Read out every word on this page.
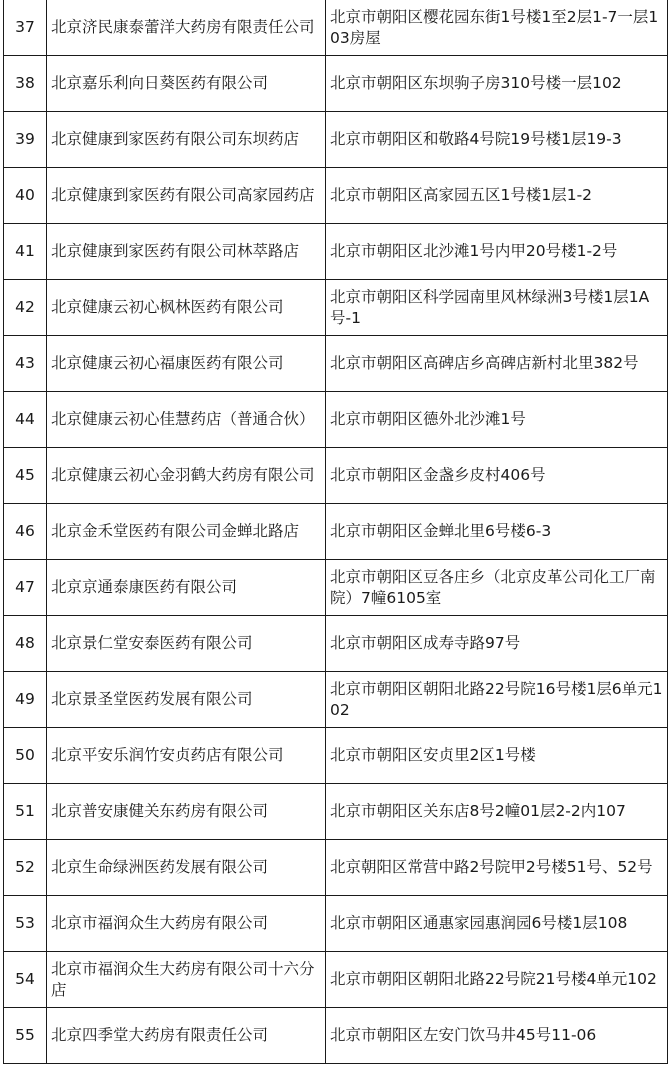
37	北京济民康泰蕾洋大药房有限责任公司	北京市朝阳区樱花园东街1号楼1至2层1-7一层103房屋
38	北京嘉乐利向日葵医药有限公司	北京市朝阳区东坝驹子房310号楼一层102
39	北京健康到家医药有限公司东坝药店	北京市朝阳区和敬路4号院19号楼1层19-3
40	北京健康到家医药有限公司高家园药店	北京市朝阳区高家园五区1号楼1层1-2
41	北京健康到家医药有限公司林萃路店	北京市朝阳区北沙滩1号内甲20号楼1-2号
42	北京健康云初心枫林医药有限公司	北京市朝阳区科学园南里风林绿洲3号楼1层1A号-1
43	北京健康云初心福康医药有限公司	北京市朝阳区高碑店乡高碑店新村北里382号
44	北京健康云初心佳慧药店（普通合伙）	北京市朝阳区德外北沙滩1号
45	北京健康云初心金羽鹤大药房有限公司	北京市朝阳区金盏乡皮村406号
46	北京金禾堂医药有限公司金蝉北路店	北京市朝阳区金蝉北里6号楼6-3
47	北京京通泰康医药有限公司	北京市朝阳区豆各庄乡（北京皮革公司化工厂南院）7幢6105室
48	北京景仁堂安泰医药有限公司	北京市朝阳区成寿寺路97号
49	北京景圣堂医药发展有限公司	北京市朝阳区朝阳北路22号院16号楼1层6单元102
50	北京平安乐润竹安贞药店有限公司	北京市朝阳区安贞里2区1号楼
51	北京普安康健关东药房有限公司	北京市朝阳区关东店8号2幢01层2-2内107
52	北京生命绿洲医药发展有限公司	北京朝阳区常营中路2号院甲2号楼51号、52号
53	北京市福润众生大药房有限公司	北京市朝阳区通惠家园惠润园6号楼1层108
54	北京市福润众生大药房有限公司十六分店	北京市朝阳区朝阳北路22号院21号楼4单元102
55	北京四季堂大药房有限责任公司	北京市朝阳区左安门饮马井45号11-06
